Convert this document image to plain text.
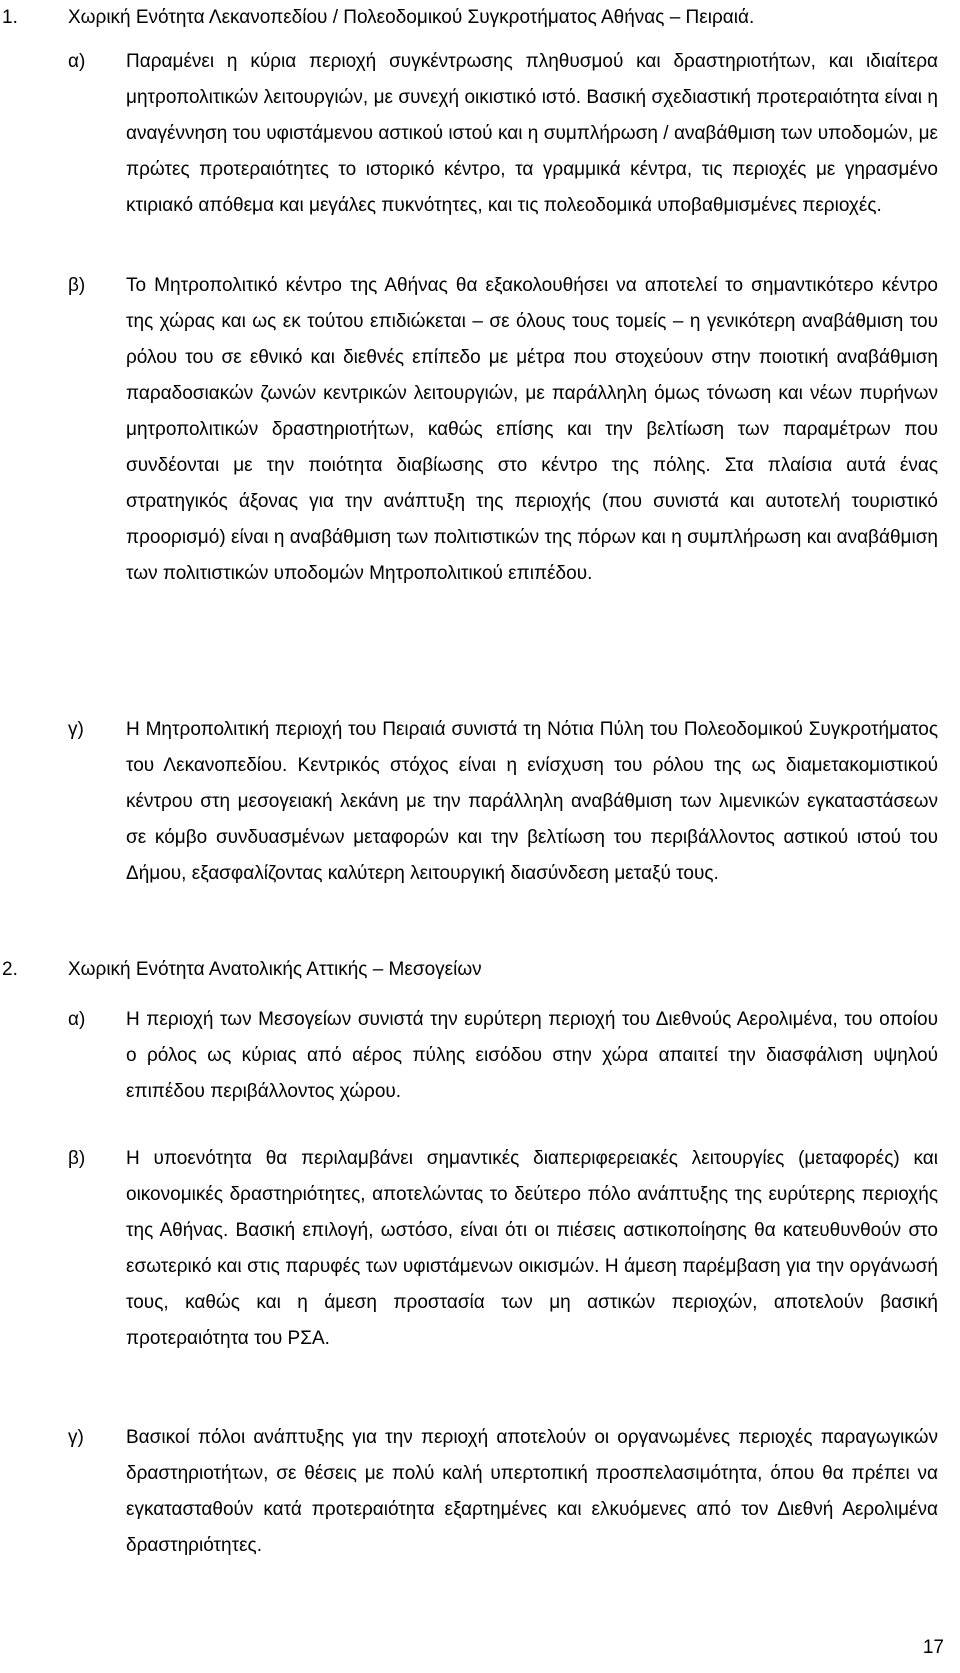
1.	Χωρική Ενότητα Λεκανοπεδίου / Πολεοδομικού Συγκροτήματος Αθήνας – Πειραιά.
α) Παραμένει η κύρια περιοχή συγκέντρωσης πληθυσμού και δραστηριοτήτων, και ιδιαίτερα μητροπολιτικών λειτουργιών, με συνεχή οικιστικό ιστό. Βασική σχεδιαστική προτεραιότητα είναι η αναγέννηση του υφιστάμενου αστικού ιστού και η συμπλήρωση / αναβάθμιση των υποδομών, με πρώτες προτεραιότητες το ιστορικό κέντρο, τα γραμμικά κέντρα, τις περιοχές με γηρασμένο κτιριακό απόθεμα και μεγάλες πυκνότητες, και τις πολεοδομικά υποβαθμισμένες περιοχές.

β) Το Μητροπολιτικό κέντρο της Αθήνας θα εξακολουθήσει να αποτελεί το σημαντικότερο κέντρο της χώρας και ως εκ τούτου επιδιώκεται – σε όλους τους τομείς – η γενικότερη αναβάθμιση του ρόλου του σε εθνικό και διεθνές επίπεδο με μέτρα που στοχεύουν στην ποιοτική αναβάθμιση παραδοσιακών ζωνών κεντρικών λειτουργιών, με παράλληλη όμως τόνωση και νέων πυρήνων μητροπολιτικών δραστηριοτήτων, καθώς επίσης και την βελτίωση των παραμέτρων που συνδέονται με την ποιότητα διαβίωσης στο κέντρο της πόλης. Στα πλαίσια αυτά ένας στρατηγικός άξονας για την ανάπτυξη της περιοχής (που συνιστά και αυτοτελή τουριστικό προορισμό) είναι η αναβάθμιση των πολιτιστικών της πόρων και η συμπλήρωση και αναβάθμιση των πολιτιστικών υποδομών Μητροπολιτικού επιπέδου.

γ) Η Μητροπολιτική περιοχή του Πειραιά συνιστά τη Νότια Πύλη του Πολεοδομικού Συγκροτήματος του Λεκανοπεδίου. Κεντρικός στόχος είναι η ενίσχυση του ρόλου της ως διαμετακομιστικού κέντρου στη μεσογειακή λεκάνη με την παράλληλη αναβάθμιση των λιμενικών εγκαταστάσεων σε κόμβο συνδυασμένων μεταφορών και την βελτίωση του περιβάλλοντος αστικού ιστού του Δήμου, εξασφαλίζοντας καλύτερη λειτουργική διασύνδεση μεταξύ τους.

2.	Χωρική Ενότητα Ανατολικής Αττικής – Μεσογείων
α) Η περιοχή των Μεσογείων συνιστά την ευρύτερη περιοχή του Διεθνούς Αερολιμένα, του οποίου ο ρόλος ως κύριας από αέρος πύλης εισόδου στην χώρα απαιτεί την διασφάλιση υψηλού επιπέδου περιβάλλοντος χώρου.

β) Η υποενότητα θα περιλαμβάνει σημαντικές διαπεριφερειακές λειτουργίες (μεταφορές) και οικονομικές δραστηριότητες, αποτελώντας το δεύτερο πόλο ανάπτυξης της ευρύτερης περιοχής της Αθήνας. Βασική επιλογή, ωστόσο, είναι ότι οι πιέσεις αστικοποίησης θα κατευθυνθούν στο εσωτερικό και στις παρυφές των υφιστάμενων οικισμών. Η άμεση παρέμβαση για την οργάνωσή τους, καθώς και η άμεση προστασία των μη αστικών περιοχών, αποτελούν βασική προτεραιότητα του ΡΣΑ.

γ) Βασικοί πόλοι ανάπτυξης για την περιοχή αποτελούν οι οργανωμένες περιοχές παραγωγικών δραστηριοτήτων, σε θέσεις με πολύ καλή υπερτοπική προσπελασιμότητα, όπου θα πρέπει να εγκατασταθούν κατά προτεραιότητα εξαρτημένες και ελκυόμενες από τον Διεθνή Αερολιμένα δραστηριότητες.

17
